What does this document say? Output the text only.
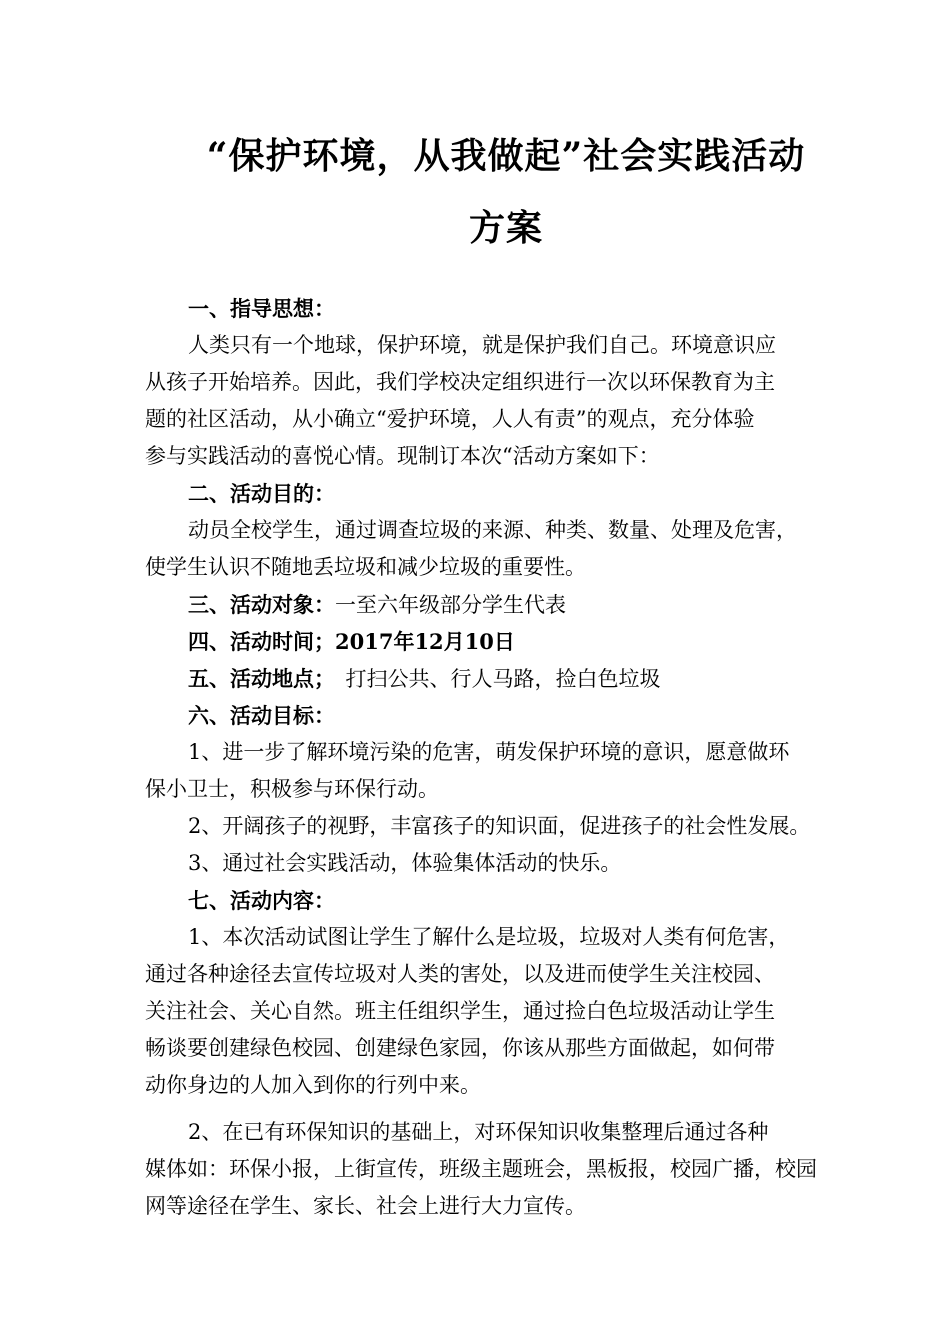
“保护环境，从我做起”社会实践活动
方案
一、指导思想：
人类只有一个地球，保护环境，就是保护我们自己。环境意识应
从孩子开始培养。因此，我们学校决定组织进行一次以环保教育为主
题的社区活动，从小确立“爱护环境，人人有责”的观点，充分体验
参与实践活动的喜悦心情。现制订本次“活动方案如下：
二、活动目的：
动员全校学生，通过调查垃圾的来源、种类、数量、处理及危害，
使学生认识不随地丢垃圾和减少垃圾的重要性。
三、活动对象：一至六年级部分学生代表
四、活动时间；2017年12月10日
五、活动地点；　打扫公共、行人马路，捡白色垃圾
六、活动目标：
1、进一步了解环境污染的危害，萌发保护环境的意识，愿意做环
保小卫士，积极参与环保行动。
2、开阔孩子的视野，丰富孩子的知识面，促进孩子的社会性发展。
3、通过社会实践活动，体验集体活动的快乐。
七、活动内容：
1、本次活动试图让学生了解什么是垃圾，垃圾对人类有何危害，
通过各种途径去宣传垃圾对人类的害处，以及进而使学生关注校园、
关注社会、关心自然。班主任组织学生，通过捡白色垃圾活动让学生
畅谈要创建绿色校园、创建绿色家园，你该从那些方面做起，如何带
动你身边的人加入到你的行列中来。
2、在已有环保知识的基础上，对环保知识收集整理后通过各种
媒体如：环保小报，上街宣传，班级主题班会，黑板报，校园广播，校园
网等途径在学生、家长、社会上进行大力宣传。
